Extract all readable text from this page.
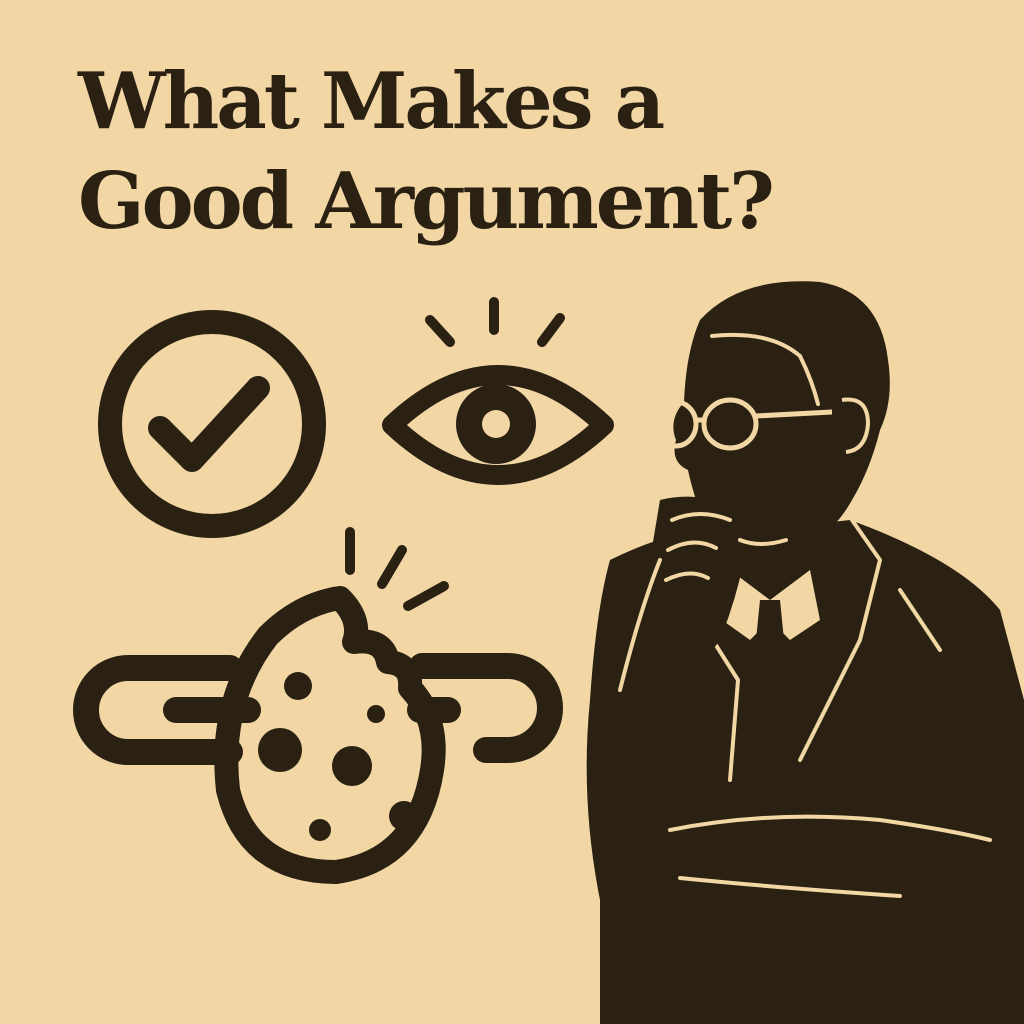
What Makes a
Good Argument?
